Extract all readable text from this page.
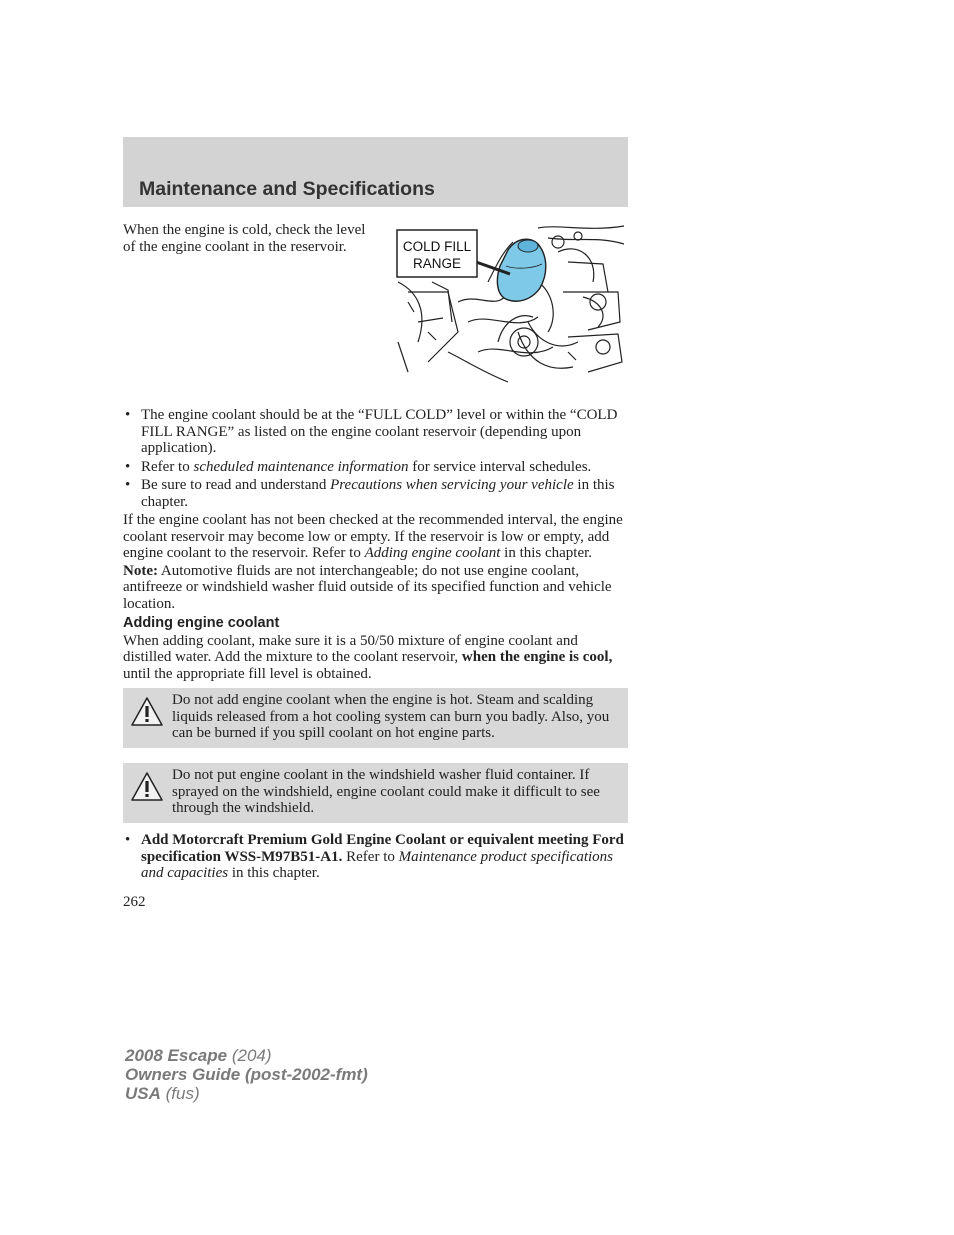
Maintenance and Specifications

When the engine is cold, check the level of the engine coolant in the reservoir.	COLD FILL
RANGE
• The engine coolant should be at the “FULL COLD” level or within the “COLD FILL RANGE” as listed on the engine coolant reservoir (depending upon application).
• Refer to scheduled maintenance information for service interval schedules.
• Be sure to read and understand Precautions when servicing your vehicle in this chapter.

If the engine coolant has not been checked at the recommended interval, the engine coolant reservoir may become low or empty. If the reservoir is low or empty, add engine coolant to the reservoir. Refer to Adding engine coolant in this chapter.

Note: Automotive fluids are not interchangeable; do not use engine coolant, antifreeze or windshield washer fluid outside of its specified function and vehicle location.

Adding engine coolant

When adding coolant, make sure it is a 50/50 mixture of engine coolant and distilled water. Add the mixture to the coolant reservoir, when the engine is cool, until the appropriate fill level is obtained.

Do not add engine coolant when the engine is hot. Steam and scalding liquids released from a hot cooling system can burn you badly. Also, you can be burned if you spill coolant on hot engine parts.
Do not put engine coolant in the windshield washer fluid container. If sprayed on the windshield, engine coolant could make it difficult to see through the windshield.
• Add Motorcraft Premium Gold Engine Coolant or equivalent meeting Ford specification WSS-M97B51-A1. Refer to Maintenance product specifications and capacities in this chapter.
262
2008 Escape (204)
Owners Guide (post-2002-fmt)
USA (fus)
